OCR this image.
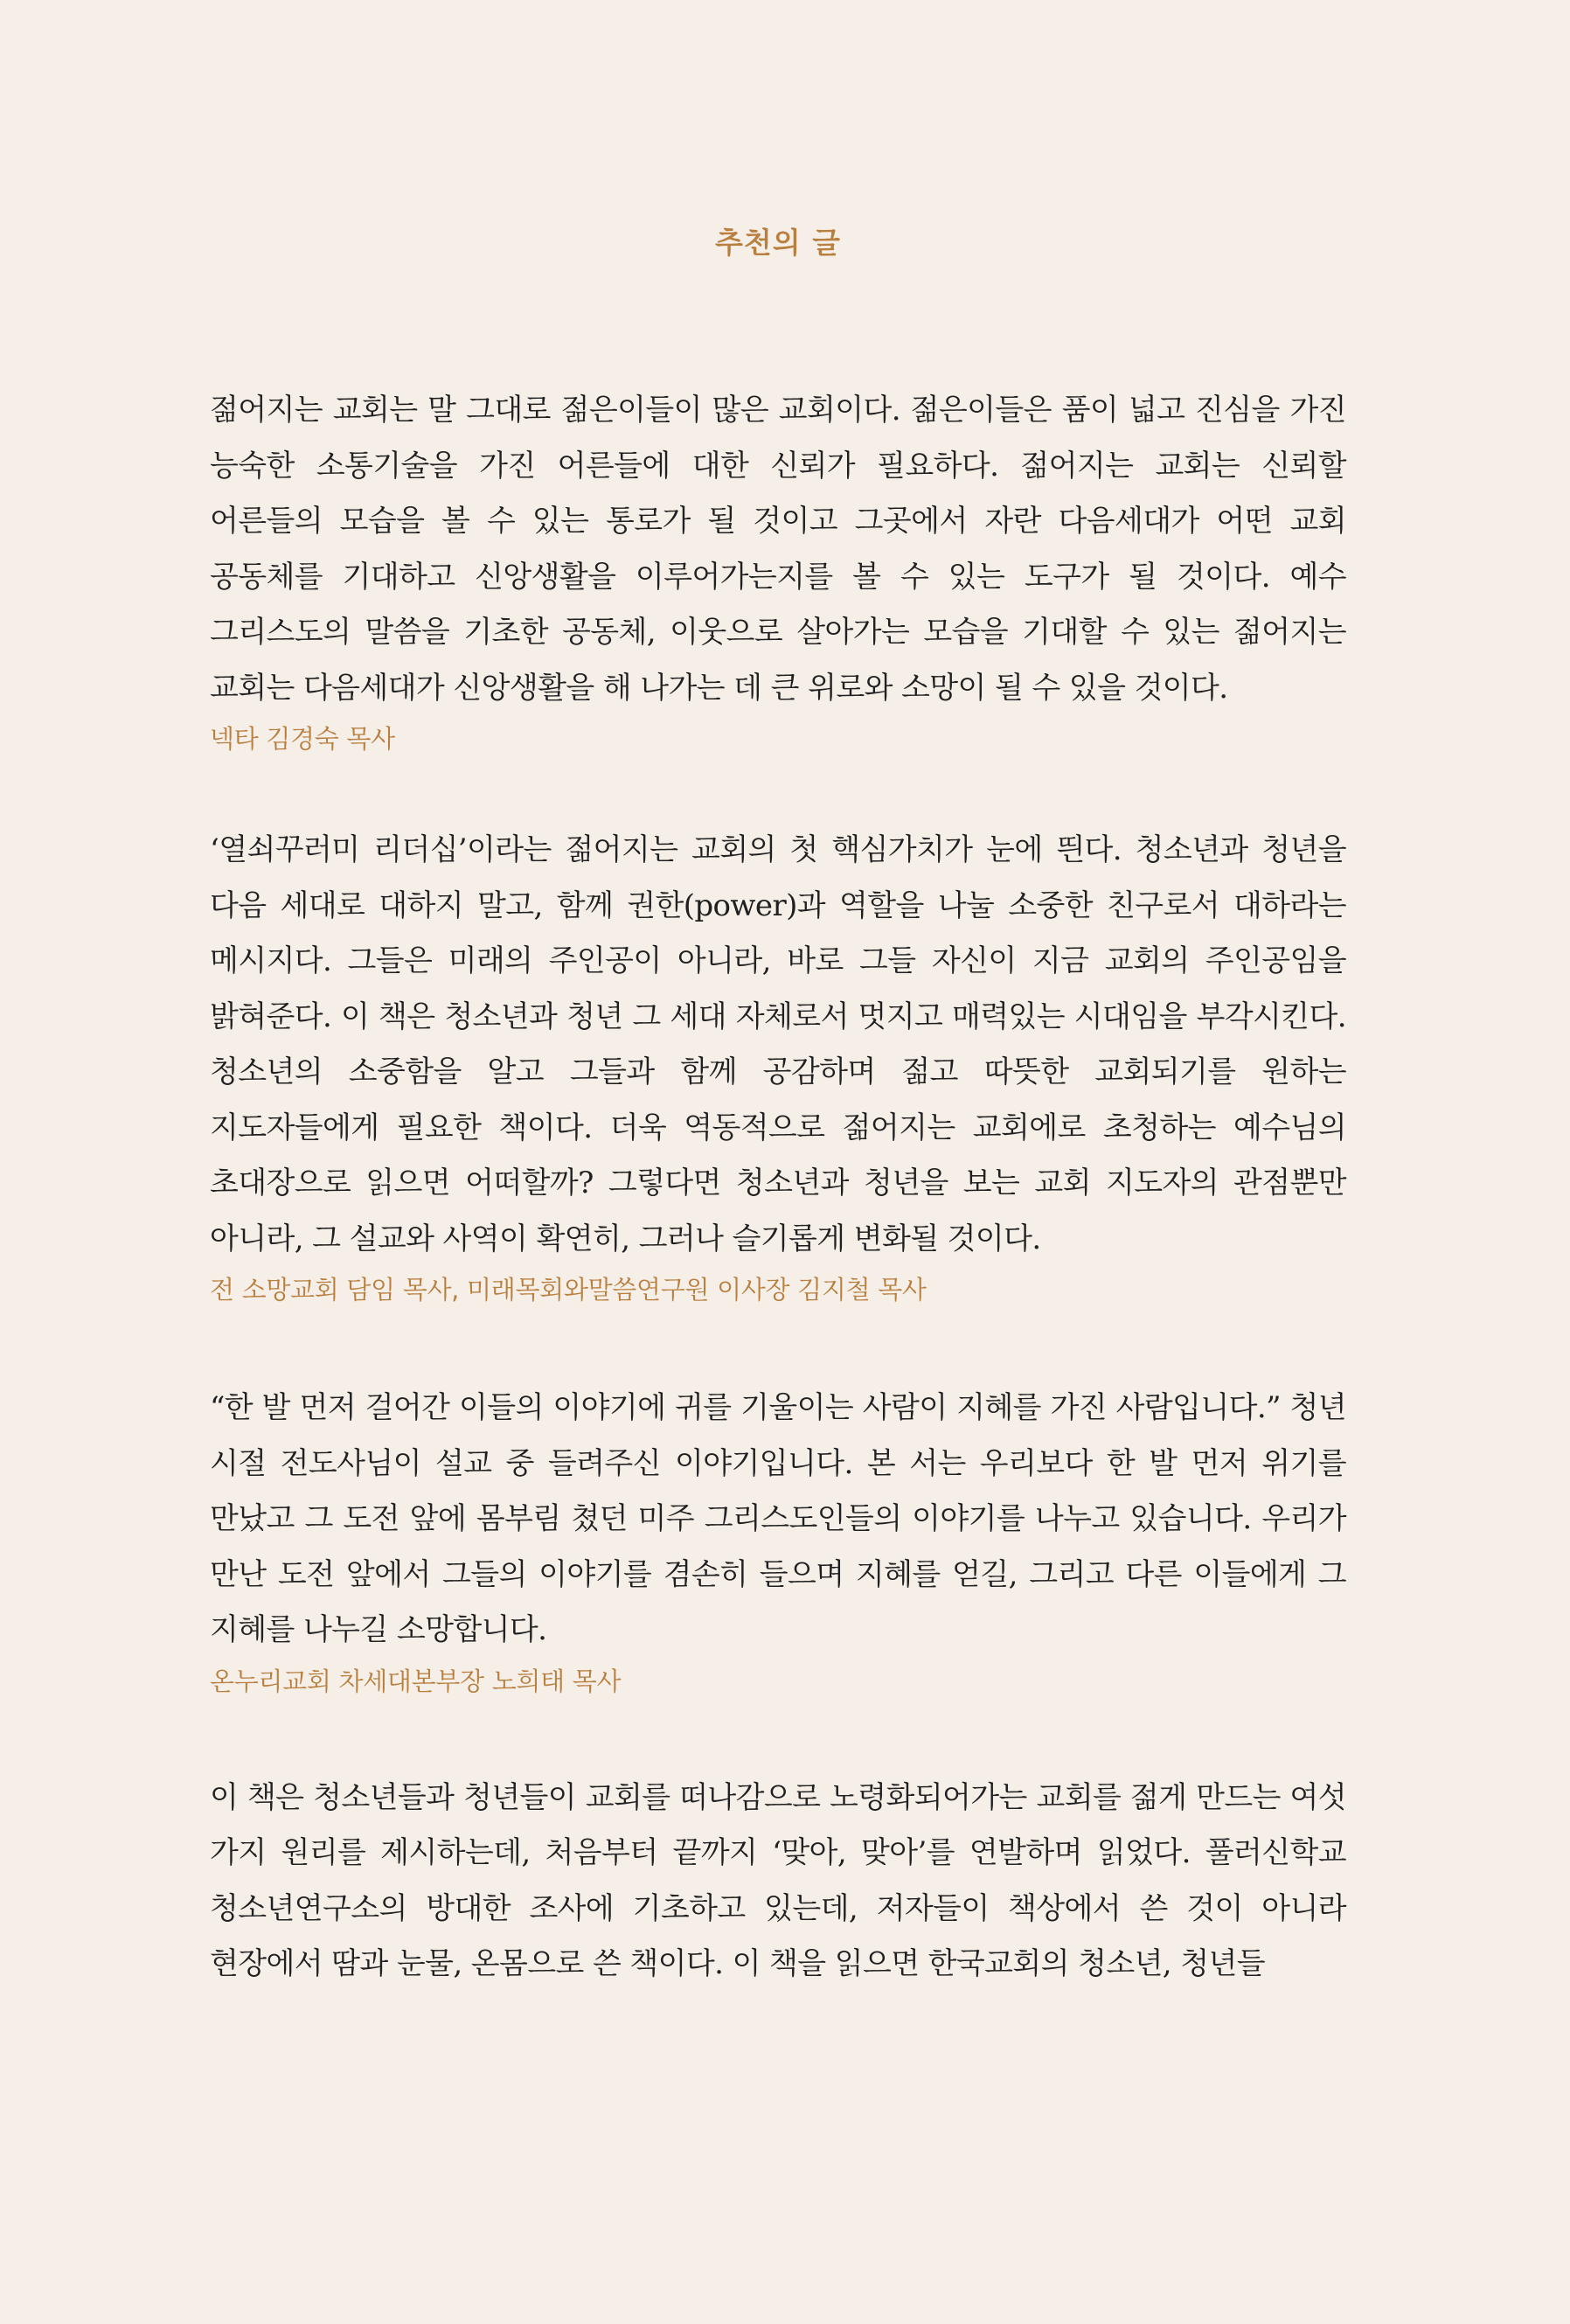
추천의 글

젊어지는 교회는 말 그대로 젊은이들이 많은 교회이다. 젊은이들은 품이 넓고 진심을 가진 능숙한 소통기술을 가진 어른들에 대한 신뢰가 필요하다. 젊어지는 교회는 신뢰할 어른들의 모습을 볼 수 있는 통로가 될 것이고 그곳에서 자란 다음세대가 어떤 교회 공동체를 기대하고 신앙생활을 이루어가는지를 볼 수 있는 도구가 될 것이다. 예수 그리스도의 말씀을 기초한 공동체, 이웃으로 살아가는 모습을 기대할 수 있는 젊어지는 교회는 다음세대가 신앙생활을 해 나가는 데 큰 위로와 소망이 될 수 있을 것이다.

넥타 김경숙 목사

‘열쇠꾸러미 리더십’이라는 젊어지는 교회의 첫 핵심가치가 눈에 띈다. 청소년과 청년을 다음 세대로 대하지 말고, 함께 권한(power)과 역할을 나눌 소중한 친구로서 대하라는 메시지다. 그들은 미래의 주인공이 아니라, 바로 그들 자신이 지금 교회의 주인공임을 밝혀준다. 이 책은 청소년과 청년 그 세대 자체로서 멋지고 매력있는 시대임을 부각시킨다. 청소년의 소중함을 알고 그들과 함께 공감하며 젊고 따뜻한 교회되기를 원하는 지도자들에게 필요한 책이다. 더욱 역동적으로 젊어지는 교회에로 초청하는 예수님의 초대장으로 읽으면 어떠할까? 그렇다면 청소년과 청년을 보는 교회 지도자의 관점뿐만 아니라, 그 설교와 사역이 확연히, 그러나 슬기롭게 변화될 것이다.

전 소망교회 담임 목사, 미래목회와말씀연구원 이사장 김지철 목사

“한 발 먼저 걸어간 이들의 이야기에 귀를 기울이는 사람이 지혜를 가진 사람입니다.” 청년 시절 전도사님이 설교 중 들려주신 이야기입니다. 본 서는 우리보다 한 발 먼저 위기를 만났고 그 도전 앞에 몸부림 쳤던 미주 그리스도인들의 이야기를 나누고 있습니다. 우리가 만난 도전 앞에서 그들의 이야기를 겸손히 들으며 지혜를 얻길, 그리고 다른 이들에게 그 지혜를 나누길 소망합니다.

온누리교회 차세대본부장 노희태 목사

이 책은 청소년들과 청년들이 교회를 떠나감으로 노령화되어가는 교회를 젊게 만드는 여섯 가지 원리를 제시하는데, 처음부터 끝까지 ‘맞아, 맞아’를 연발하며 읽었다. 풀러신학교 청소년연구소의 방대한 조사에 기초하고 있는데, 저자들이 책상에서 쓴 것이 아니라 현장에서 땀과 눈물, 온몸으로 쓴 책이다. 이 책을 읽으면 한국교회의 청소년, 청년들
